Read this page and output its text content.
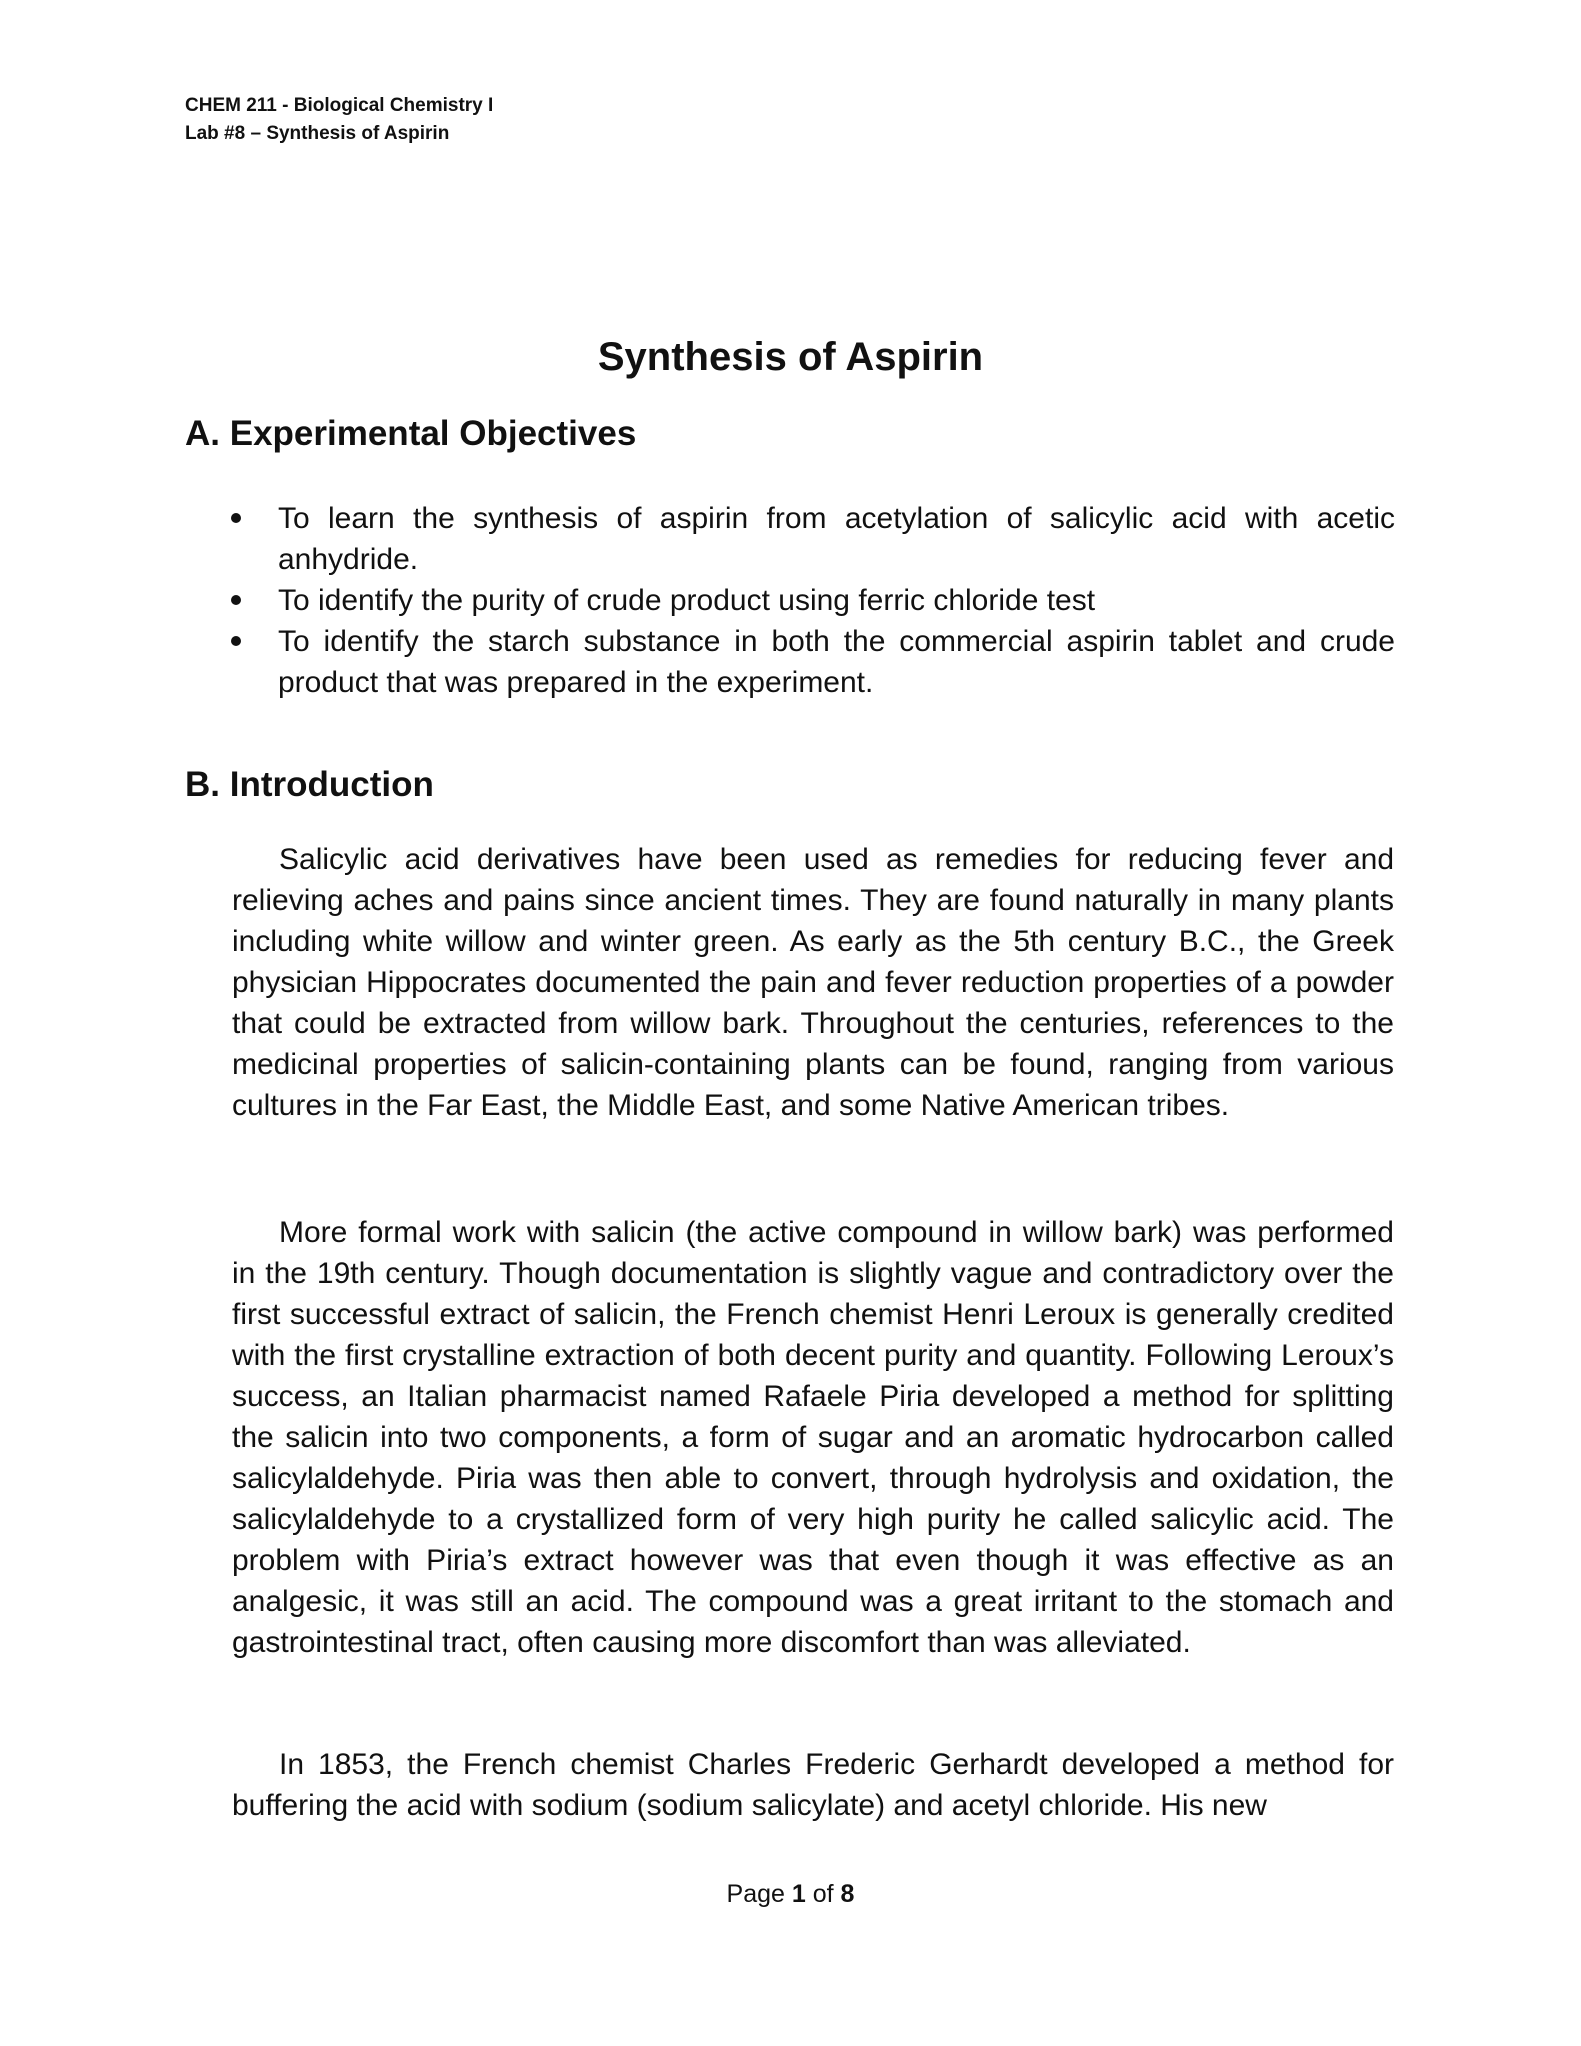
CHEM 211 - Biological Chemistry I
Lab #8 – Synthesis of Aspirin
Synthesis of Aspirin
A. Experimental Objectives
To learn the synthesis of aspirin from acetylation of salicylic acid with acetic anhydride.
To identify the purity of crude product using ferric chloride test
To identify the starch substance in both the commercial aspirin tablet and crude product that was prepared in the experiment.
B. Introduction

Salicylic acid derivatives have been used as remedies for reducing fever and relieving aches and pains since ancient times. They are found naturally in many plants including white willow and winter green. As early as the 5th century B.C., the Greek physician Hippocrates documented the pain and fever reduction properties of a powder that could be extracted from willow bark. Throughout the centuries, references to the medicinal properties of salicin-containing plants can be found, ranging from various cultures in the Far East, the Middle East, and some Native American tribes.

More formal work with salicin (the active compound in willow bark) was performed in the 19th century. Though documentation is slightly vague and contradictory over the first successful extract of salicin, the French chemist Henri Leroux is generally credited with the first crystalline extraction of both decent purity and quantity. Following Leroux’s success, an Italian pharmacist named Rafaele Piria developed a method for splitting the salicin into two components, a form of sugar and an aromatic hydrocarbon called salicylaldehyde. Piria was then able to convert, through hydrolysis and oxidation, the salicylaldehyde to a crystallized form of very high purity he called salicylic acid. The problem with Piria’s extract however was that even though it was effective as an analgesic, it was still an acid. The compound was a great irritant to the stomach and gastrointestinal tract, often causing more discomfort than was alleviated.

In 1853, the French chemist Charles Frederic Gerhardt developed a method for buffering the acid with sodium (sodium salicylate) and acetyl chloride. His new

Page 1 of 8
